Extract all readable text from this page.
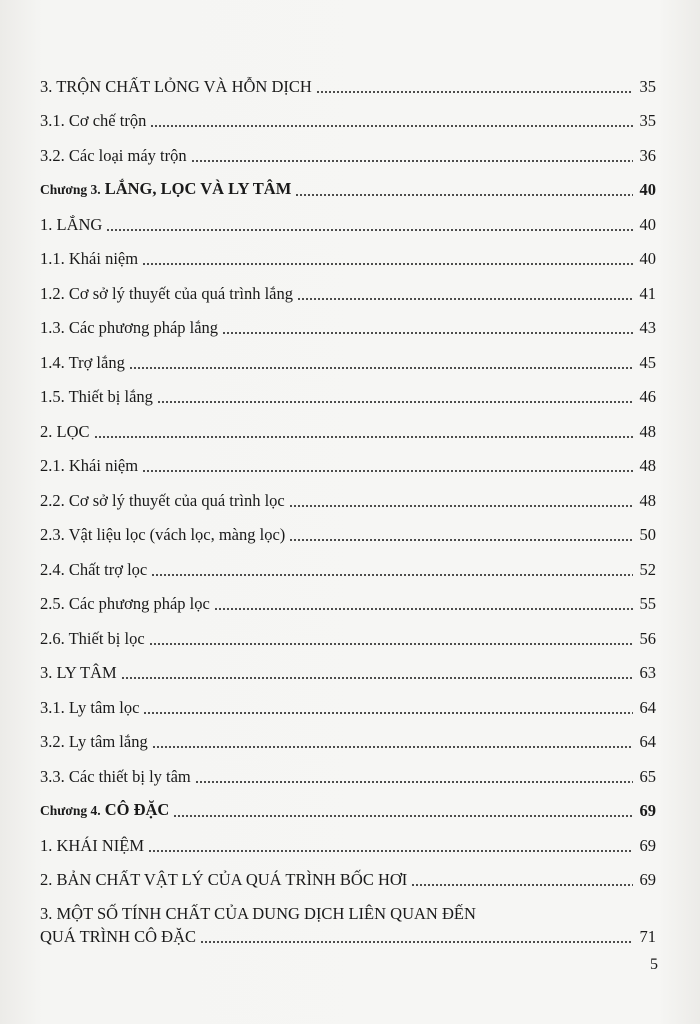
3. TRỘN CHẤT LỎNG VÀ HỖN DỊCH	35
3.1. Cơ chế trộn	35
3.2. Các loại máy trộn	36
Chương 3. LẮNG, LỌC VÀ LY TÂM	40
1. LẮNG	40
1.1. Khái niệm	40
1.2. Cơ sở lý thuyết của quá trình lắng	41
1.3. Các phương pháp lắng	43
1.4. Trợ lắng	45
1.5. Thiết bị lắng	46
2. LỌC	48
2.1. Khái niệm	48
2.2. Cơ sở lý thuyết của quá trình lọc	48
2.3. Vật liệu lọc (vách lọc, màng lọc)	50
2.4. Chất trợ lọc	52
2.5. Các phương pháp lọc	55
2.6. Thiết bị lọc	56
3. LY TÂM	63
3.1. Ly tâm lọc	64
3.2. Ly tâm lắng	64
3.3. Các thiết bị ly tâm	65
Chương 4. CÔ ĐẶC	69
1. KHÁI NIỆM	69
2. BẢN CHẤT VẬT LÝ CỦA QUÁ TRÌNH BỐC HƠI	69
3. MỘT SỐ TÍNH CHẤT CỦA DUNG DỊCH LIÊN QUAN ĐẾN
QUÁ TRÌNH CÔ ĐẶC	71
5
